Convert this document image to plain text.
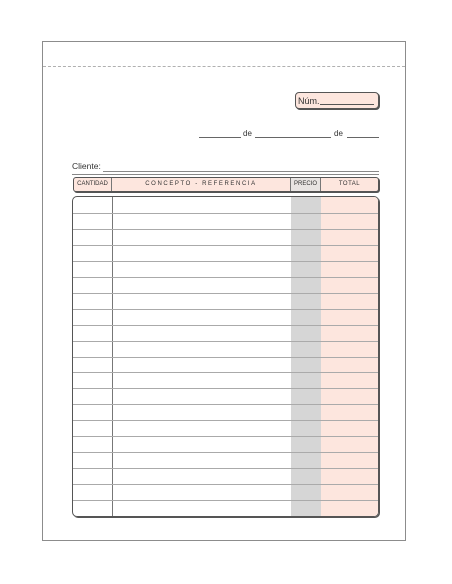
Núm.
de	de
Cliente:
CANTIDAD	CONCEPTO - REFERENCIA	PRECIO	TOTAL
